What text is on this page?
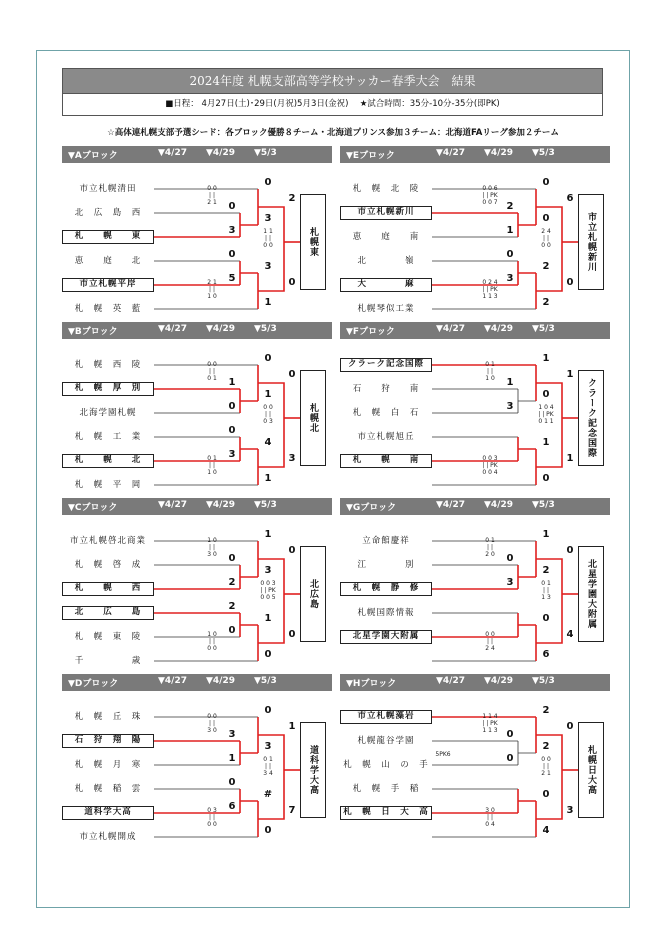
2024年度 札幌支部高等学校サッカー春季大会　結果
■日程： 4月27日(土)･29日(月祝)5月3日(金祝)　 ★試合時間：35分-10分-35分(即PK)
☆高体連札幌支部予選シード：各ブロック優勝８チーム・北海道プリンス参加３チーム：北海道FAリーグ参加２チーム
▼Aブロック	▼4/27 ▼4/29 ▼5/3
市立札幌清田
北　広　島　西
札　　幌　　東
恵　　庭　　北
市立札幌平岸
札　幌　英　藍
0
3
0
5
0
3
3
1
2
0
0 0
| |
2 1
2 1
| |
1 0
1 1
| |
0 0	札幌東
▼Eブロック	▼4/27 ▼4/29 ▼5/3
札　幌　北　陵
市立札幌新川
恵　　庭　　南
北　　　　嶺
大　　　　麻
札幌琴似工業
2
1
0
3
0
0
2
2
6
0
0 0 6
| | PK
0 0 7
0 2 4
| | PK
1 1 3
2 4
| |
0 0	市立札幌新川
▼Bブロック	▼4/27 ▼4/29 ▼5/3
札　幌　西　陵
札　幌　厚　別
北海学園札幌
札　幌　工　業
札　　幌　　北
札　幌　平　岡
1
0
0
3
0
1
4
1
0
3
0 0
| |
0 1
0 1
| |
1 0
0 0
| |
0 3	札幌北
▼Fブロック	▼4/27 ▼4/29 ▼5/3
クラーク記念国際
石　　狩　　南
札　幌　白　石
市立札幌旭丘
札　　幌　　南
1
3
1
0
1
0
1
1
0 1
| |
1 0
0 0 3
| | PK
0 0 4
1 0 4
| | PK
0 1 1	クラーク記念国際
▼Cブロック	▼4/27 ▼4/29 ▼5/3
市立札幌啓北商業
札　幌　啓　成
札　　幌　　西
北　　広　　島
札　幌　東　陵
千　　　　　歳
0
2
2
0
1
3
1
0
0
0
1 0
| |
3 0
1 0
| |
0 0
0 0 3
| | PK
0 0 5	北広島
▼Gブロック	▼4/27 ▼4/29 ▼5/3
立命館慶祥
江　　　　別
札　幌　静　修
札幌国際情報
北星学園大附属
0
3
1
2
0
6
0
4
0 1
| |
2 0
0 0
| |
2 4
0 1
| |
1 3	北星学園大附属
▼Dブロック	▼4/27 ▼4/29 ▼5/3
札　幌　丘　珠
石　狩　翔　陽
札　幌　月　寒
札　幌　稲　雲
道科学大高
市立札幌開成
3
1
0
6
0
3
#
0
1
7
0 0
| |
3 0
0 3
| |
0 0
0 1
| |
3 4	道科学大高
▼Hブロック	▼4/27 ▼4/29 ▼5/3
市立札幌藻岩
札幌龍谷学園
札　幌　山　の　手
札　幌　手　稲
札　幌　日　大　高
0
0
2
2
0
4
0
3
1 1 4
| | PK
1 1 3
3 0
| |
0 4
0 0
| |
2 1
5PK6	札幌日大高
